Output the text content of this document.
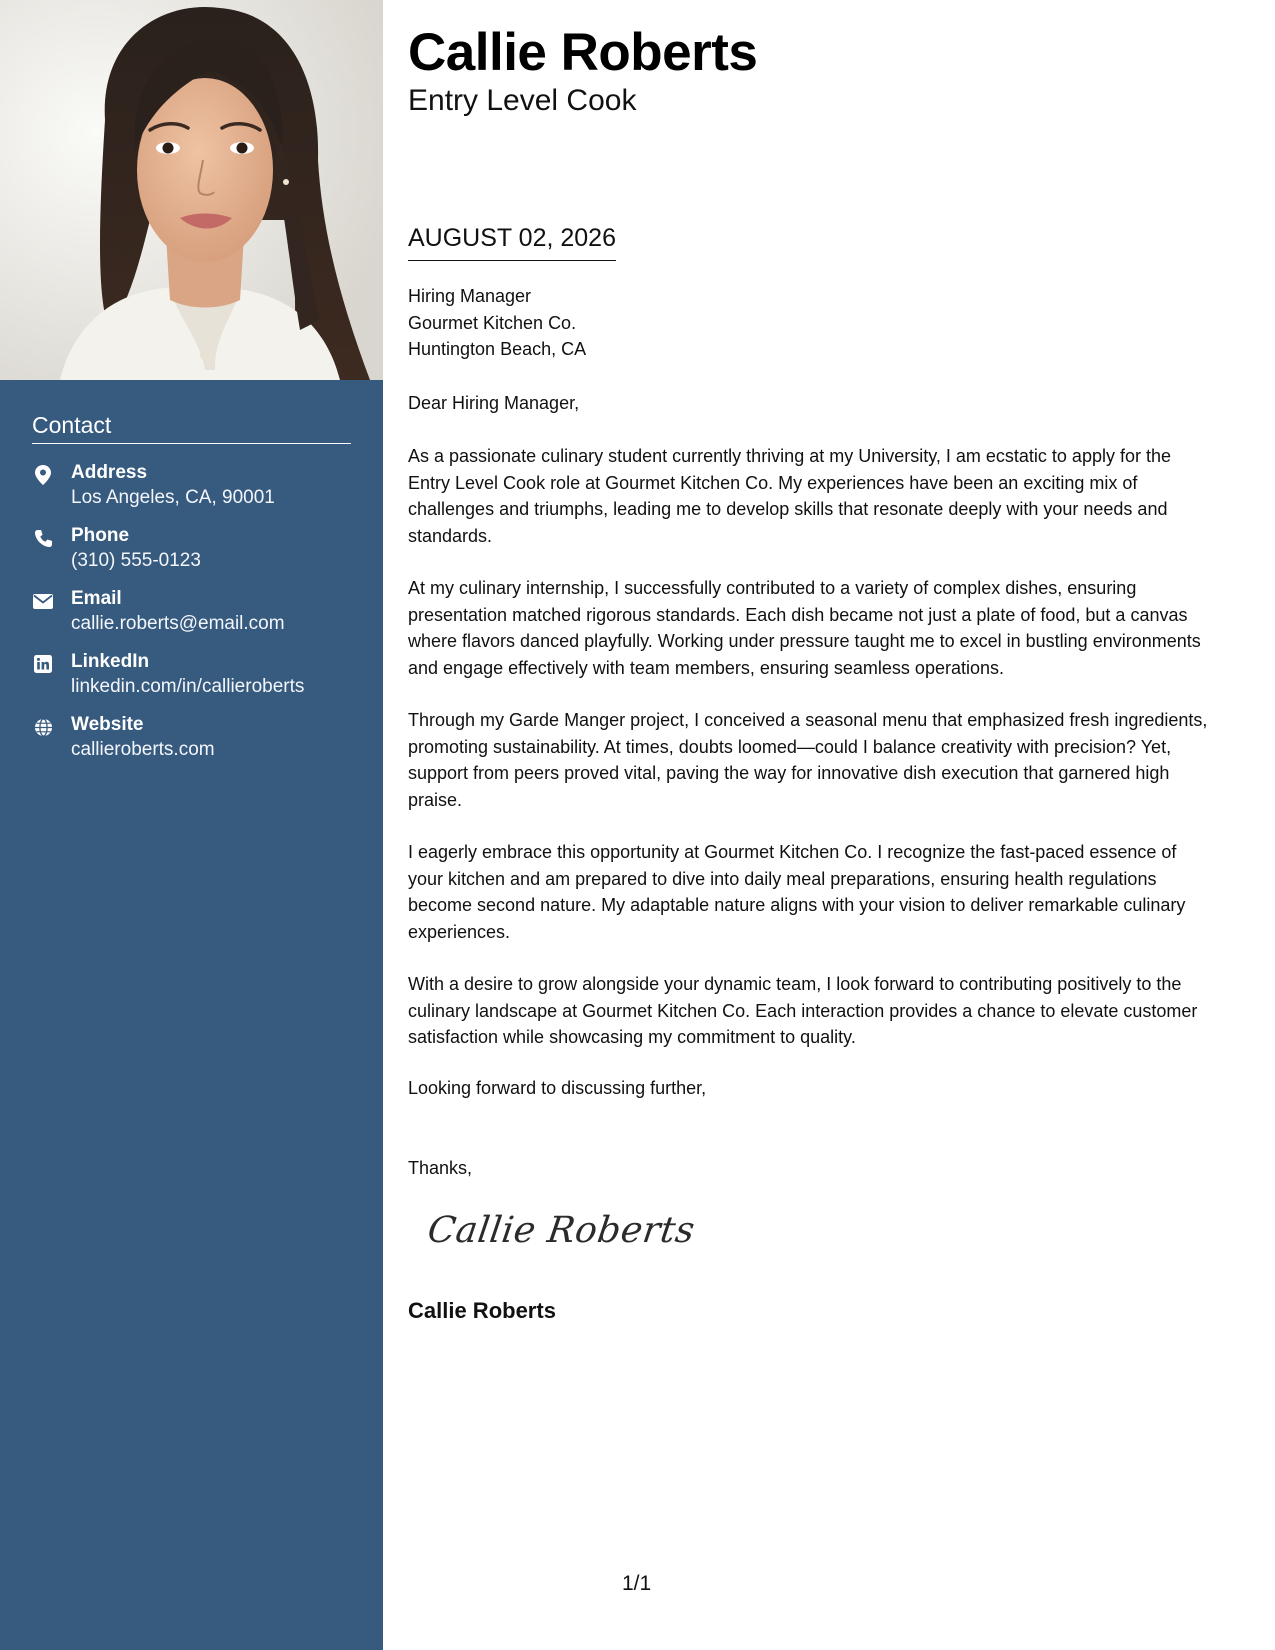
Contact
Address
Los Angeles, CA, 90001
Phone
(310) 555-0123
Email
callie.roberts@email.com
LinkedIn
linkedin.com/in/callieroberts
Website
callieroberts.com
Callie Roberts
Entry Level Cook
AUGUST 02, 2026
Hiring Manager
Gourmet Kitchen Co.
Huntington Beach, CA
Dear Hiring Manager,
As a passionate culinary student currently thriving at my University, I am ecstatic to apply for the
Entry Level Cook role at Gourmet Kitchen Co. My experiences have been an exciting mix of
challenges and triumphs, leading me to develop skills that resonate deeply with your needs and
standards.
At my culinary internship, I successfully contributed to a variety of complex dishes, ensuring
presentation matched rigorous standards. Each dish became not just a plate of food, but a canvas
where flavors danced playfully. Working under pressure taught me to excel in bustling environments
and engage effectively with team members, ensuring seamless operations.
Through my Garde Manger project, I conceived a seasonal menu that emphasized fresh ingredients,
promoting sustainability. At times, doubts loomed—could I balance creativity with precision? Yet,
support from peers proved vital, paving the way for innovative dish execution that garnered high
praise.
I eagerly embrace this opportunity at Gourmet Kitchen Co. I recognize the fast-paced essence of
your kitchen and am prepared to dive into daily meal preparations, ensuring health regulations
become second nature. My adaptable nature aligns with your vision to deliver remarkable culinary
experiences.
With a desire to grow alongside your dynamic team, I look forward to contributing positively to the
culinary landscape at Gourmet Kitchen Co. Each interaction provides a chance to elevate customer
satisfaction while showcasing my commitment to quality.
Looking forward to discussing further,
Thanks,
Callie Roberts
Callie Roberts
1/1
